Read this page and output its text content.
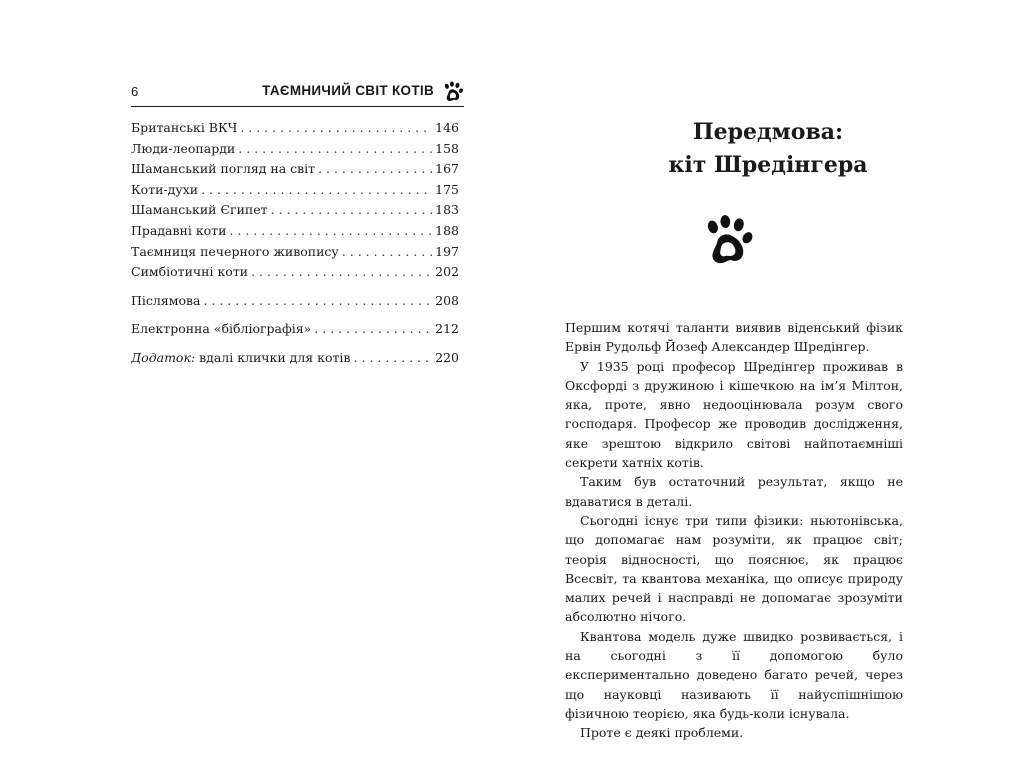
6	ТАЄМНИЧИЙ СВІТ КОТІВ
Британські ВКЧ . . .	146
Люди-леопарди . . .	158
Шаманський погляд на світ . . .	167
Коти-духи . . .	175
Шаманський Єгипет . . .	183
Прадавні коти . . .	188
Таємниця печерного живопису . . .	197
Симбіотичні коти . . .	202
Післямова . . .	208
Електронна «бібліографія» . . .	212
Додаток: вдалі клички для котів . . .	220
Передмова:
кіт Шредінгера

Першим котячі таланти виявив віденський фізик Ервін Рудольф Йозеф Александер Шредінгер.

У 1935 році професор Шредінгер проживав в Оксфорді з дружиною і кішечкою на ім’я Мілтон, яка, проте, явно недооцінювала розум свого господаря. Професор же проводив дослідження, яке зрештою відкрило світові найпотаємніші секрети хатніх котів.

Таким був остаточний результат, якщо не вдаватися в деталі.

Сьогодні існує три типи фізики: ньютонівська, що допомагає нам розуміти, як працює світ; теорія відносності, що пояснює, як працює Всесвіт, та квантова механіка, що описує природу малих речей і насправді не допомагає зрозуміти абсолютно нічого.

Квантова модель дуже швидко розвивається, і на сьогодні з її допомогою було експериментально доведено багато речей, через що науковці називають її найуспішнішою фізичною теорією, яка будь-коли існувала.

Проте є деякі проблеми.
